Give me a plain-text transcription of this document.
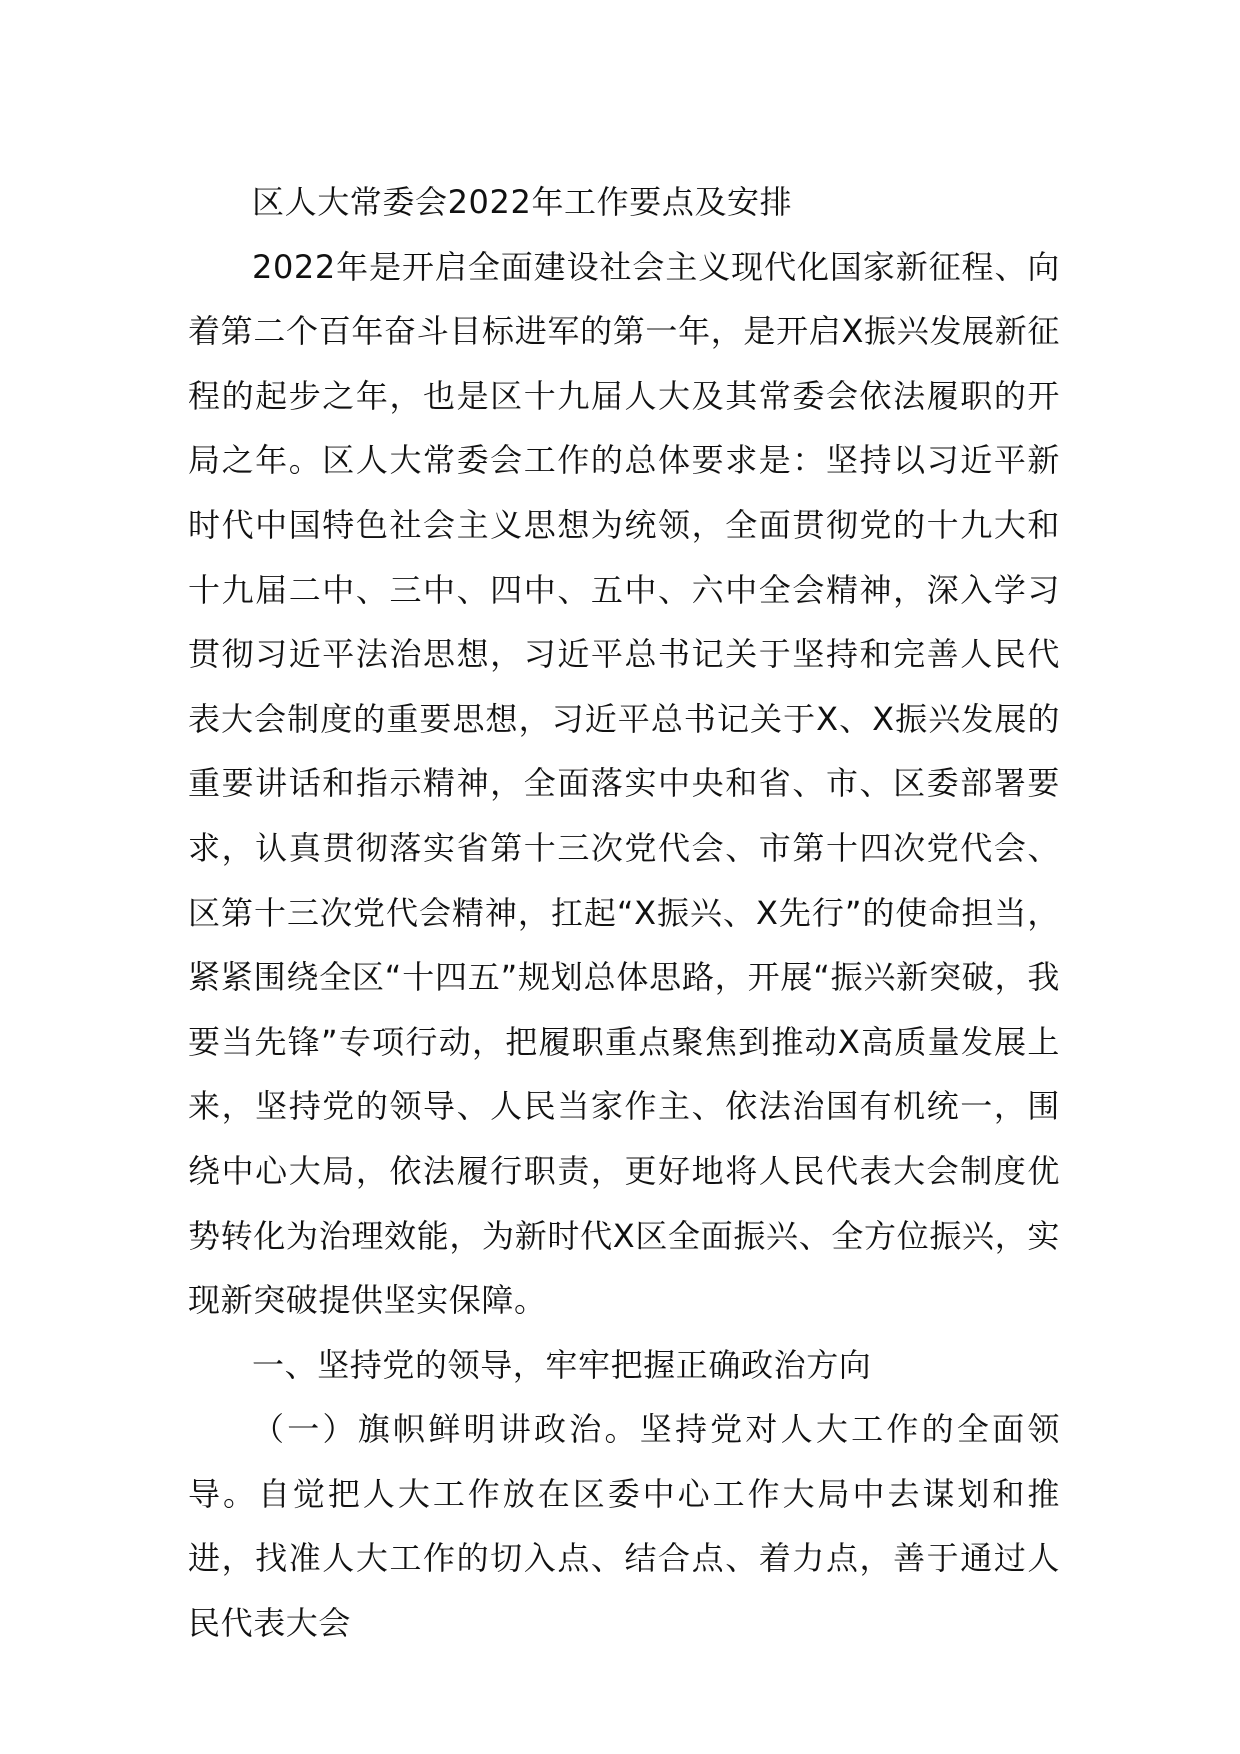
区人大常委会2022年工作要点及安排

2022年是开启全面建设社会主义现代化国家新征程、向着第二个百年奋斗目标进军的第一年，是开启X振兴发展新征程的起步之年，也是区十九届人大及其常委会依法履职的开局之年。区人大常委会工作的总体要求是：坚持以习近平新时代中国特色社会主义思想为统领，全面贯彻党的十九大和十九届二中、三中、四中、五中、六中全会精神，深入学习贯彻习近平法治思想，习近平总书记关于坚持和完善人民代表大会制度的重要思想，习近平总书记关于X、X振兴发展的重要讲话和指示精神，全面落实中央和省、市、区委部署要求，认真贯彻落实省第十三次党代会、市第十四次党代会、区第十三次党代会精神，扛起“X振兴、X先行”的使命担当，紧紧围绕全区“十四五”规划总体思路，开展“振兴新突破，我要当先锋”专项行动，把履职重点聚焦到推动X高质量发展上来，坚持党的领导、人民当家作主、依法治国有机统一，围绕中心大局，依法履行职责，更好地将人民代表大会制度优势转化为治理效能，为新时代X区全面振兴、全方位振兴，实现新突破提供坚实保障。

一、坚持党的领导，牢牢把握正确政治方向

（一）旗帜鲜明讲政治。坚持党对人大工作的全面领导。自觉把人大工作放在区委中心工作大局中去谋划和推进，找准人大工作的切入点、结合点、着力点，善于通过人民代表大会
